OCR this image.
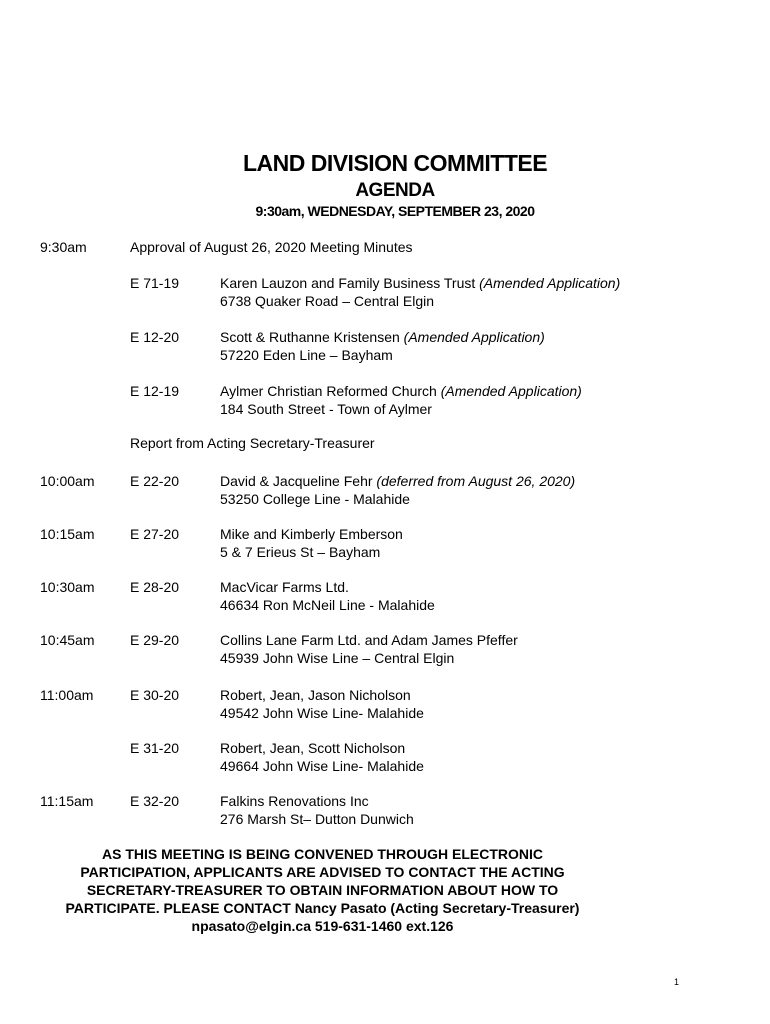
LAND DIVISION COMMITTEE
AGENDA
9:30am, WEDNESDAY, SEPTEMBER 23, 2020
9:30am	Approval of August 26, 2020 Meeting Minutes
E 71-19	Karen Lauzon and Family Business Trust (Amended Application)
6738 Quaker Road – Central Elgin
E 12-20	Scott & Ruthanne Kristensen (Amended Application)
57220 Eden Line – Bayham
E 12-19	Aylmer Christian Reformed Church (Amended Application)
184 South Street - Town of Aylmer
Report from Acting Secretary-Treasurer
10:00am	E 22-20	David & Jacqueline Fehr (deferred from August 26, 2020)
53250 College Line - Malahide
10:15am	E 27-20	Mike and Kimberly Emberson
5 & 7 Erieus St – Bayham
10:30am	E 28-20	MacVicar Farms Ltd.
46634 Ron McNeil Line - Malahide
10:45am	E 29-20	Collins Lane Farm Ltd. and Adam James Pfeffer
45939 John Wise Line – Central Elgin
11:00am	E 30-20	Robert, Jean, Jason Nicholson
49542 John Wise Line- Malahide
E 31-20	Robert, Jean, Scott Nicholson
49664 John Wise Line- Malahide
11:15am	E 32-20	Falkins Renovations Inc
276 Marsh St– Dutton Dunwich
AS THIS MEETING IS BEING CONVENED THROUGH ELECTRONIC
PARTICIPATION, APPLICANTS ARE ADVISED TO CONTACT THE ACTING
SECRETARY-TREASURER TO OBTAIN INFORMATION ABOUT HOW TO
PARTICIPATE. PLEASE CONTACT Nancy Pasato (Acting Secretary-Treasurer)
npasato@elgin.ca 519-631-1460 ext.126
1
